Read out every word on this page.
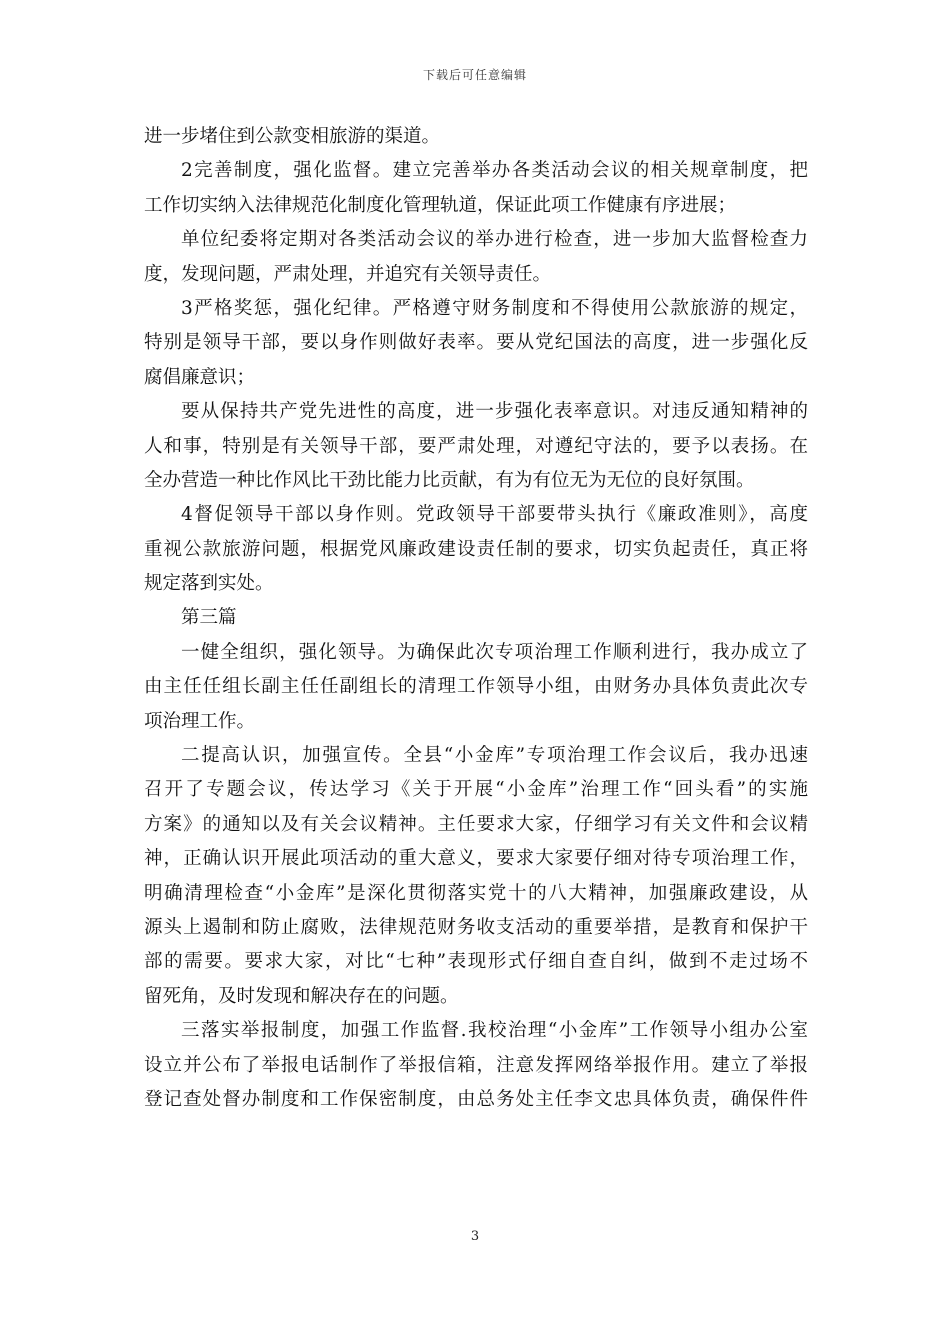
下载后可任意编辑
进一步堵住到公款变相旅游的渠道。
2完善制度，强化监督。建立完善举办各类活动会议的相关规章制度，把
工作切实纳入法律规范化制度化管理轨道，保证此项工作健康有序进展；
单位纪委将定期对各类活动会议的举办进行检查，进一步加大监督检查力
度，发现问题，严肃处理，并追究有关领导责任。
3严格奖惩，强化纪律。严格遵守财务制度和不得使用公款旅游的规定，
特别是领导干部，要以身作则做好表率。要从党纪国法的高度，进一步强化反
腐倡廉意识；
要从保持共产党先进性的高度，进一步强化表率意识。对违反通知精神的
人和事，特别是有关领导干部，要严肃处理，对遵纪守法的，要予以表扬。在
全办营造一种比作风比干劲比能力比贡献，有为有位无为无位的良好氛围。
4督促领导干部以身作则。党政领导干部要带头执行《廉政准则》，高度
重视公款旅游问题，根据党风廉政建设责任制的要求，切实负起责任，真正将
规定落到实处。
第三篇
一健全组织，强化领导。为确保此次专项治理工作顺利进行，我办成立了
由主任任组长副主任任副组长的清理工作领导小组，由财务办具体负责此次专
项治理工作。
二提高认识，加强宣传。全县“小金库”专项治理工作会议后，我办迅速
召开了专题会议，传达学习《关于开展“小金库”治理工作“回头看”的实施
方案》的通知以及有关会议精神。主任要求大家，仔细学习有关文件和会议精
神，正确认识开展此项活动的重大意义，要求大家要仔细对待专项治理工作，
明确清理检查“小金库”是深化贯彻落实党十的八大精神，加强廉政建设，从
源头上遏制和防止腐败，法律规范财务收支活动的重要举措，是教育和保护干
部的需要。要求大家，对比“七种”表现形式仔细自查自纠，做到不走过场不
留死角，及时发现和解决存在的问题。
三落实举报制度，加强工作监督.我校治理“小金库”工作领导小组办公室
设立并公布了举报电话制作了举报信箱，注意发挥网络举报作用。建立了举报
登记查处督办制度和工作保密制度，由总务处主任李文忠具体负责，确保件件
3
